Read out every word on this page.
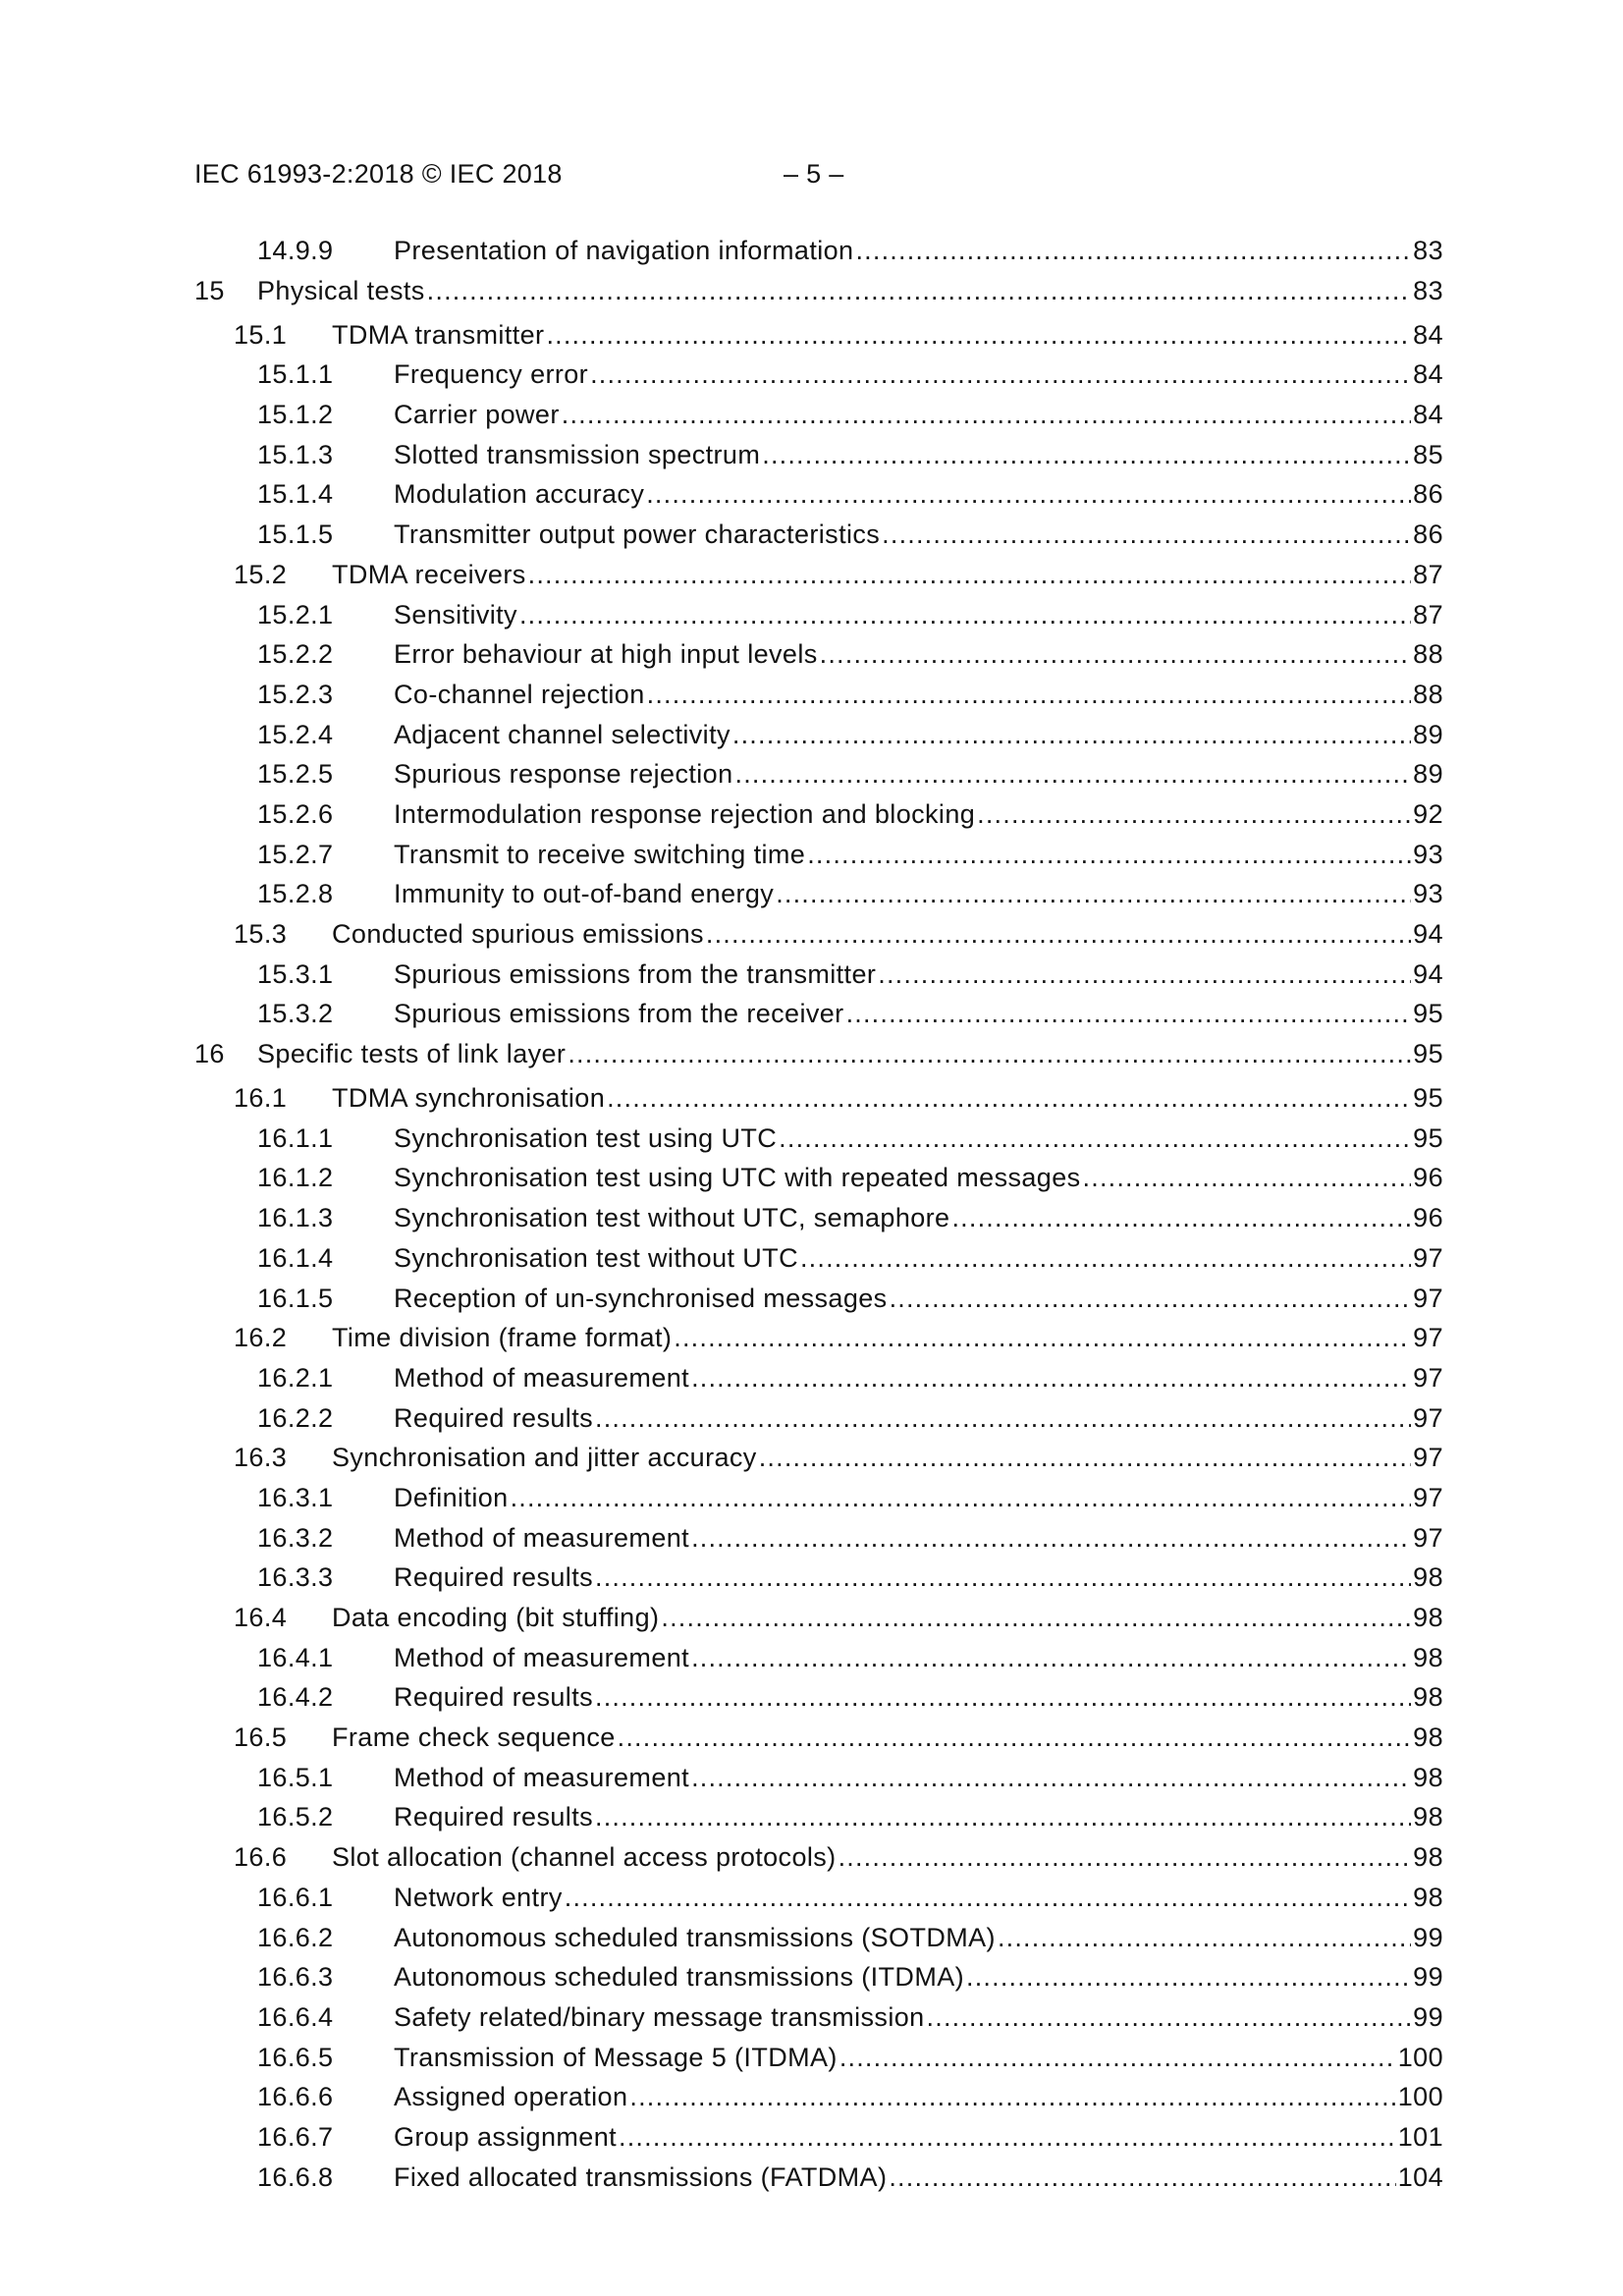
IEC 61993-2:2018 © IEC 2018	– 5 –
14.9.9 Presentation of navigation information .....	83
15 Physical tests .....	83
15.1 TDMA transmitter .....	84
15.1.1 Frequency error .....	84
15.1.2 Carrier power .....	84
15.1.3 Slotted transmission spectrum .....	85
15.1.4 Modulation accuracy .....	86
15.1.5 Transmitter output power characteristics .....	86
15.2 TDMA receivers .....	87
15.2.1 Sensitivity .....	87
15.2.2 Error behaviour at high input levels .....	88
15.2.3 Co-channel rejection .....	88
15.2.4 Adjacent channel selectivity .....	89
15.2.5 Spurious response rejection .....	89
15.2.6 Intermodulation response rejection and blocking .....	92
15.2.7 Transmit to receive switching time .....	93
15.2.8 Immunity to out-of-band energy .....	93
15.3 Conducted spurious emissions .....	94
15.3.1 Spurious emissions from the transmitter .....	94
15.3.2 Spurious emissions from the receiver .....	95
16 Specific tests of link layer .....	95
16.1 TDMA synchronisation .....	95
16.1.1 Synchronisation test using UTC .....	95
16.1.2 Synchronisation test using UTC with repeated messages .....	96
16.1.3 Synchronisation test without UTC, semaphore .....	96
16.1.4 Synchronisation test without UTC .....	97
16.1.5 Reception of un-synchronised messages .....	97
16.2 Time division (frame format) .....	97
16.2.1 Method of measurement .....	97
16.2.2 Required results .....	97
16.3 Synchronisation and jitter accuracy .....	97
16.3.1 Definition .....	97
16.3.2 Method of measurement .....	97
16.3.3 Required results .....	98
16.4 Data encoding (bit stuffing) .....	98
16.4.1 Method of measurement .....	98
16.4.2 Required results .....	98
16.5 Frame check sequence .....	98
16.5.1 Method of measurement .....	98
16.5.2 Required results .....	98
16.6 Slot allocation (channel access protocols) .....	98
16.6.1 Network entry .....	98
16.6.2 Autonomous scheduled transmissions (SOTDMA) .....	99
16.6.3 Autonomous scheduled transmissions (ITDMA) .....	99
16.6.4 Safety related/binary message transmission .....	99
16.6.5 Transmission of Message 5 (ITDMA) .....	100
16.6.6 Assigned operation .....	100
16.6.7 Group assignment .....	101
16.6.8 Fixed allocated transmissions (FATDMA) .....	104
